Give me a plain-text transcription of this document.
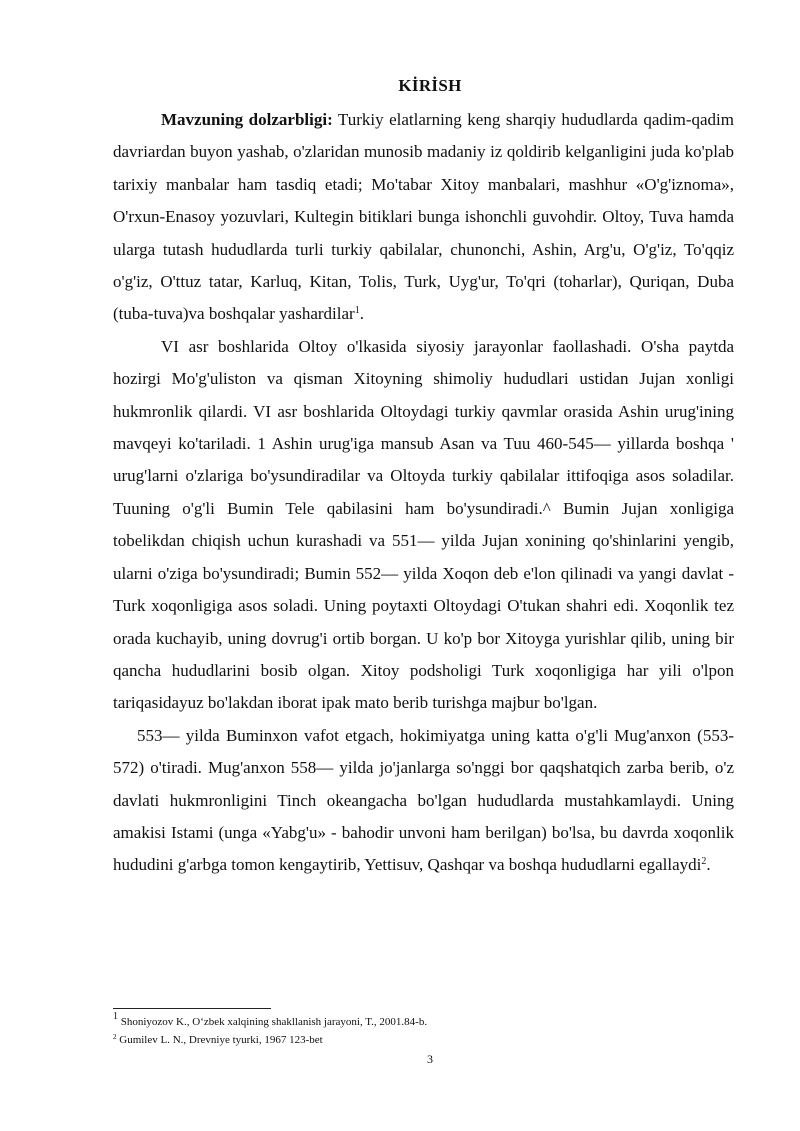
KİRİSH

Mavzuning dolzarbligi: Turkiy elatlarning keng sharqiy hududlarda qadim-qadim davriardan buyon yashab, o'zlaridan munosib madaniy iz qoldirib kelganligini juda ko'plab tarixiy manbalar ham tasdiq etadi; Mo'tabar Xitoy manbalari, mashhur «O'g'iznoma», O'rxun-Enasoy yozuvlari, Kultegin bitiklari bunga ishonchli guvohdir. Oltoy, Tuva hamda ularga tutash hududlarda turli turkiy qabilalar, chunonchi, Ashin, Arg'u, O'g'iz, To'qqiz o'g'iz, O'ttuz tatar, Karluq, Kitan, Tolis, Turk, Uyg'ur, To'qri (toharlar), Quriqan, Duba (tuba-tuva)va boshqalar yashardilar$^1$.

VI asr boshlarida Oltoy o'lkasida siyosiy jarayonlar faollashadi. O'sha paytda hozirgi Mo'g'uliston va qisman Xitoyning shimoliy hududlari ustidan Jujan xonligi hukmronlik qilardi. VI asr boshlarida Oltoydagi turkiy qavmlar orasida Ashin urug'ining mavqeyi ko'tariladi. 1 Ashin urug'iga mansub Asan va Tuu 460-545— yillarda boshqa ' urug'larni o'zlariga bo'ysundiradilar va Oltoyda turkiy qabilalar ittifoqiga asos soladilar. Tuuning o'g'li Bumin Tele qabilasini ham bo'ysundiradi.^ Bumin Jujan xonligiga tobelikdan chiqish uchun kurashadi va 551— yilda Jujan xonining qo'shinlarini yengib, ularni o'ziga bo'ysundiradi; Bumin 552— yilda Xoqon deb e'lon qilinadi va yangi davlat - Turk xoqonligiga asos soladi. Uning poytaxti Oltoydagi O'tukan shahri edi. Xoqonlik tez orada kuchayib, uning dovrug'i ortib borgan. U ko'p bor Xitoyga yurishlar qilib, uning bir qancha hududlarini bosib olgan. Xitoy podsholigi Turk xoqonligiga har yili o'lpon tariqasidayuz bo'lakdan iborat ipak mato berib turishga majbur bo'lgan.

553— yilda Buminxon vafot etgach, hokimiyatga uning katta o'g'li Mug'anxon (553-572) o'tiradi. Mug'anxon 558— yilda jo'janlarga so'nggi bor qaqshatqich zarba berib, o'z davlati hukmronligini Tinch okeangacha bo'lgan hududlarda mustahkamlaydi. Uning amakisi Istami (unga «Yabg'u» - bahodir unvoni ham berilgan) bo'lsa, bu davrda xoqonlik hududini g'arbga tomon kengaytirib, Yettisuv, Qashqar va boshqa hududlarni egallaydi$^2$.

$^1$ Shoniyozov K., O‘zbek xalqining shakllanish jarayoni, T., 2001.84-b.
$^2$ Gumilev L. N., Drevniye tyurki, 1967 123-bet
3
